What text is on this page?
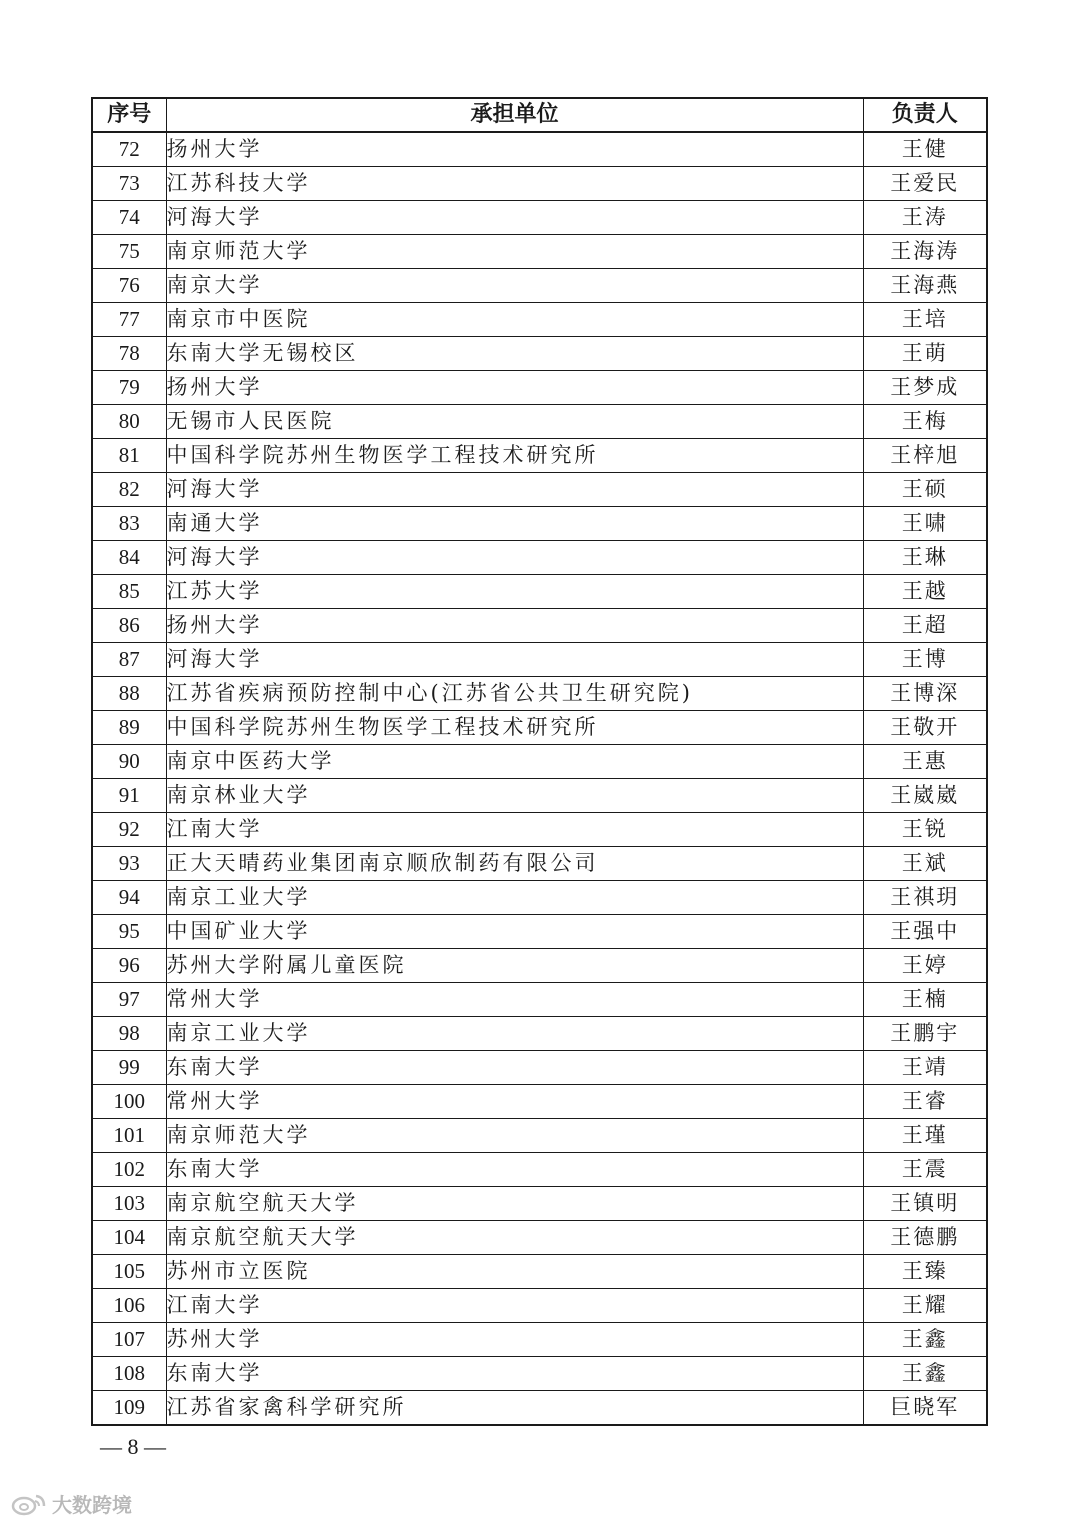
序号	承担单位	负责人
72	扬州大学	王健
73	江苏科技大学	王爱民
74	河海大学	王涛
75	南京师范大学	王海涛
76	南京大学	王海燕
77	南京市中医院	王培
78	东南大学无锡校区	王萌
79	扬州大学	王梦成
80	无锡市人民医院	王梅
81	中国科学院苏州生物医学工程技术研究所	王梓旭
82	河海大学	王硕
83	南通大学	王啸
84	河海大学	王琳
85	江苏大学	王越
86	扬州大学	王超
87	河海大学	王博
88	江苏省疾病预防控制中心(江苏省公共卫生研究院)	王博深
89	中国科学院苏州生物医学工程技术研究所	王敬开
90	南京中医药大学	王惠
91	南京林业大学	王崴崴
92	江南大学	王锐
93	正大天晴药业集团南京顺欣制药有限公司	王斌
94	南京工业大学	王祺玥
95	中国矿业大学	王强中
96	苏州大学附属儿童医院	王婷
97	常州大学	王楠
98	南京工业大学	王鹏宇
99	东南大学	王靖
100	常州大学	王睿
101	南京师范大学	王瑾
102	东南大学	王震
103	南京航空航天大学	王镇明
104	南京航空航天大学	王德鹏
105	苏州市立医院	王臻
106	江南大学	王耀
107	苏州大学	王鑫
108	东南大学	王鑫
109	江苏省家禽科学研究所	巨晓军
— 8 —
大数跨境
